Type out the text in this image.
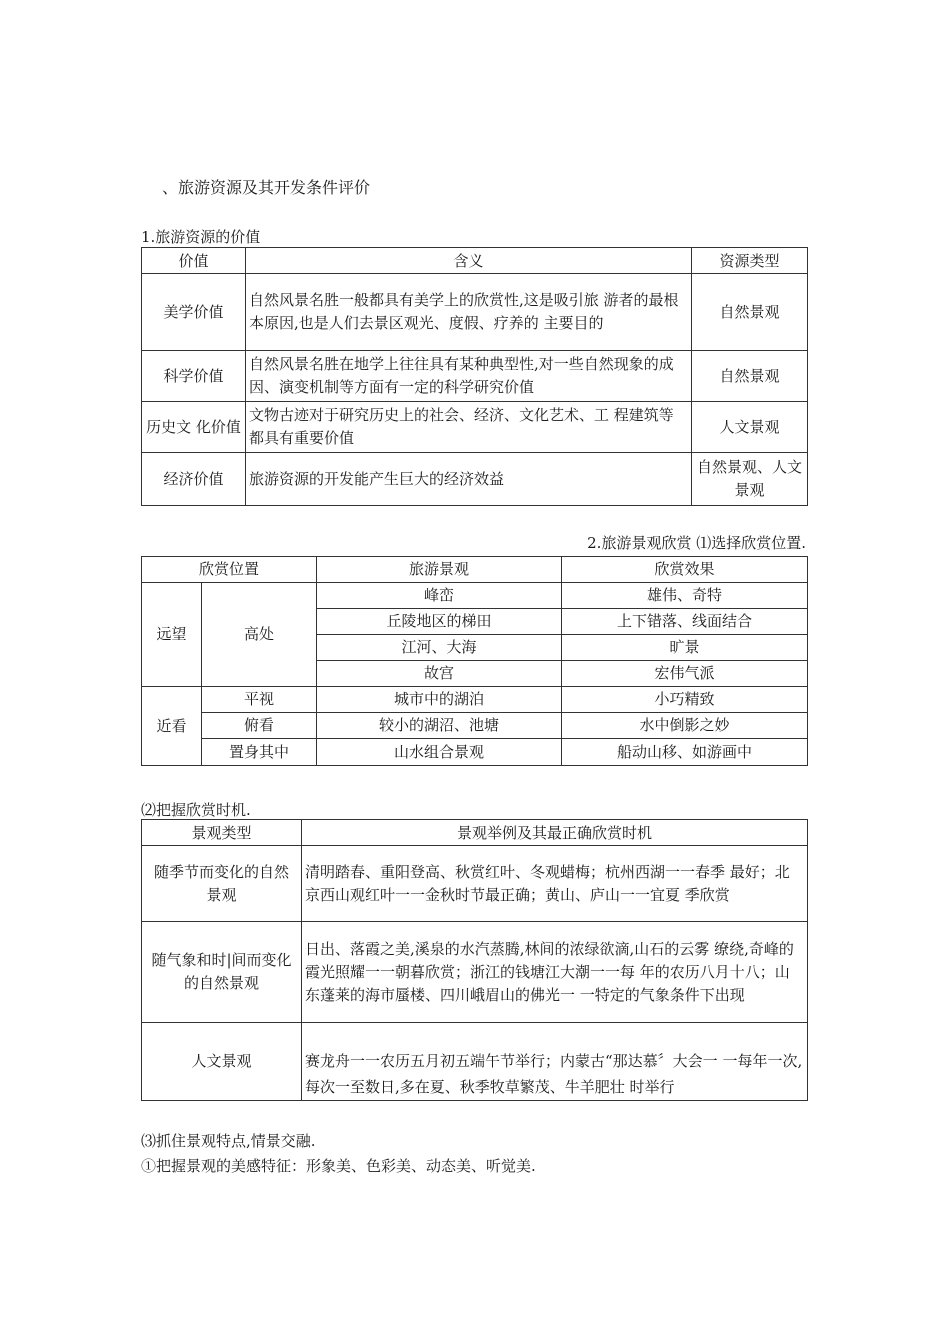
、旅游资源及其开发条件评价
1.旅游资源的价值
价值	含义	资源类型
美学价值	自然风景名胜一般都具有美学上的欣赏性,这是吸引旅 游者的最根本原因,也是人们去景区观光、度假、疗养的 主要目的	自然景观
科学价值	自然风景名胜在地学上往往具有某种典型性,对一些自然现象的成因、演变机制等方面有一定的科学研究价值	自然景观
历史文 化价值	文物古迹对于研究历史上的社会、经济、文化艺术、工 程建筑等都具有重要价值	人文景观
经济价值	旅游资源的开发能产生巨大的经济效益	自然景观、人文景观
2.旅游景观欣赏 ⑴选择欣赏位置.
欣赏位置		旅游景观	欣赏效果
远望	高处	峰峦	雄伟、奇特
		丘陵地区的梯田	上下错落、线面结合
		江河、大海	旷景
		故宫	宏伟气派
近看	平视	城市中的湖泊	小巧精致
	俯看	较小的湖沼、池塘	水中倒影之妙
	置身其中	山水组合景观	船动山移、如游画中
⑵把握欣赏时机.
景观类型	景观举例及其最正确欣赏时机
随季节而变化的自然景观	清明踏春、重阳登高、秋赏红叶、冬观蜡梅；杭州西湖一一春季 最好；北京西山观红叶一一金秋时节最正确；黄山、庐山一一宜夏 季欣赏
随气象和时|间而变化的自然景观	日出、落霞之美,溪泉的水汽蒸腾,林间的浓绿欲滴,山石的云雾 缭绕,奇峰的霞光照耀一一朝暮欣赏；浙江的钱塘江大潮一一每 年的农历八月十八；山东蓬莱的海市蜃楼、四川峨眉山的佛光一 一特定的气象条件下出现
人文景观	赛龙舟一一农历五月初五端午节举行；内蒙古“那达慕〞大会一 一每年一次,每次一至数日,多在夏、秋季牧草繁茂、牛羊肥壮 时举行
⑶抓住景观特点,情景交融.
①把握景观的美感特征：形象美、色彩美、动态美、听觉美.
